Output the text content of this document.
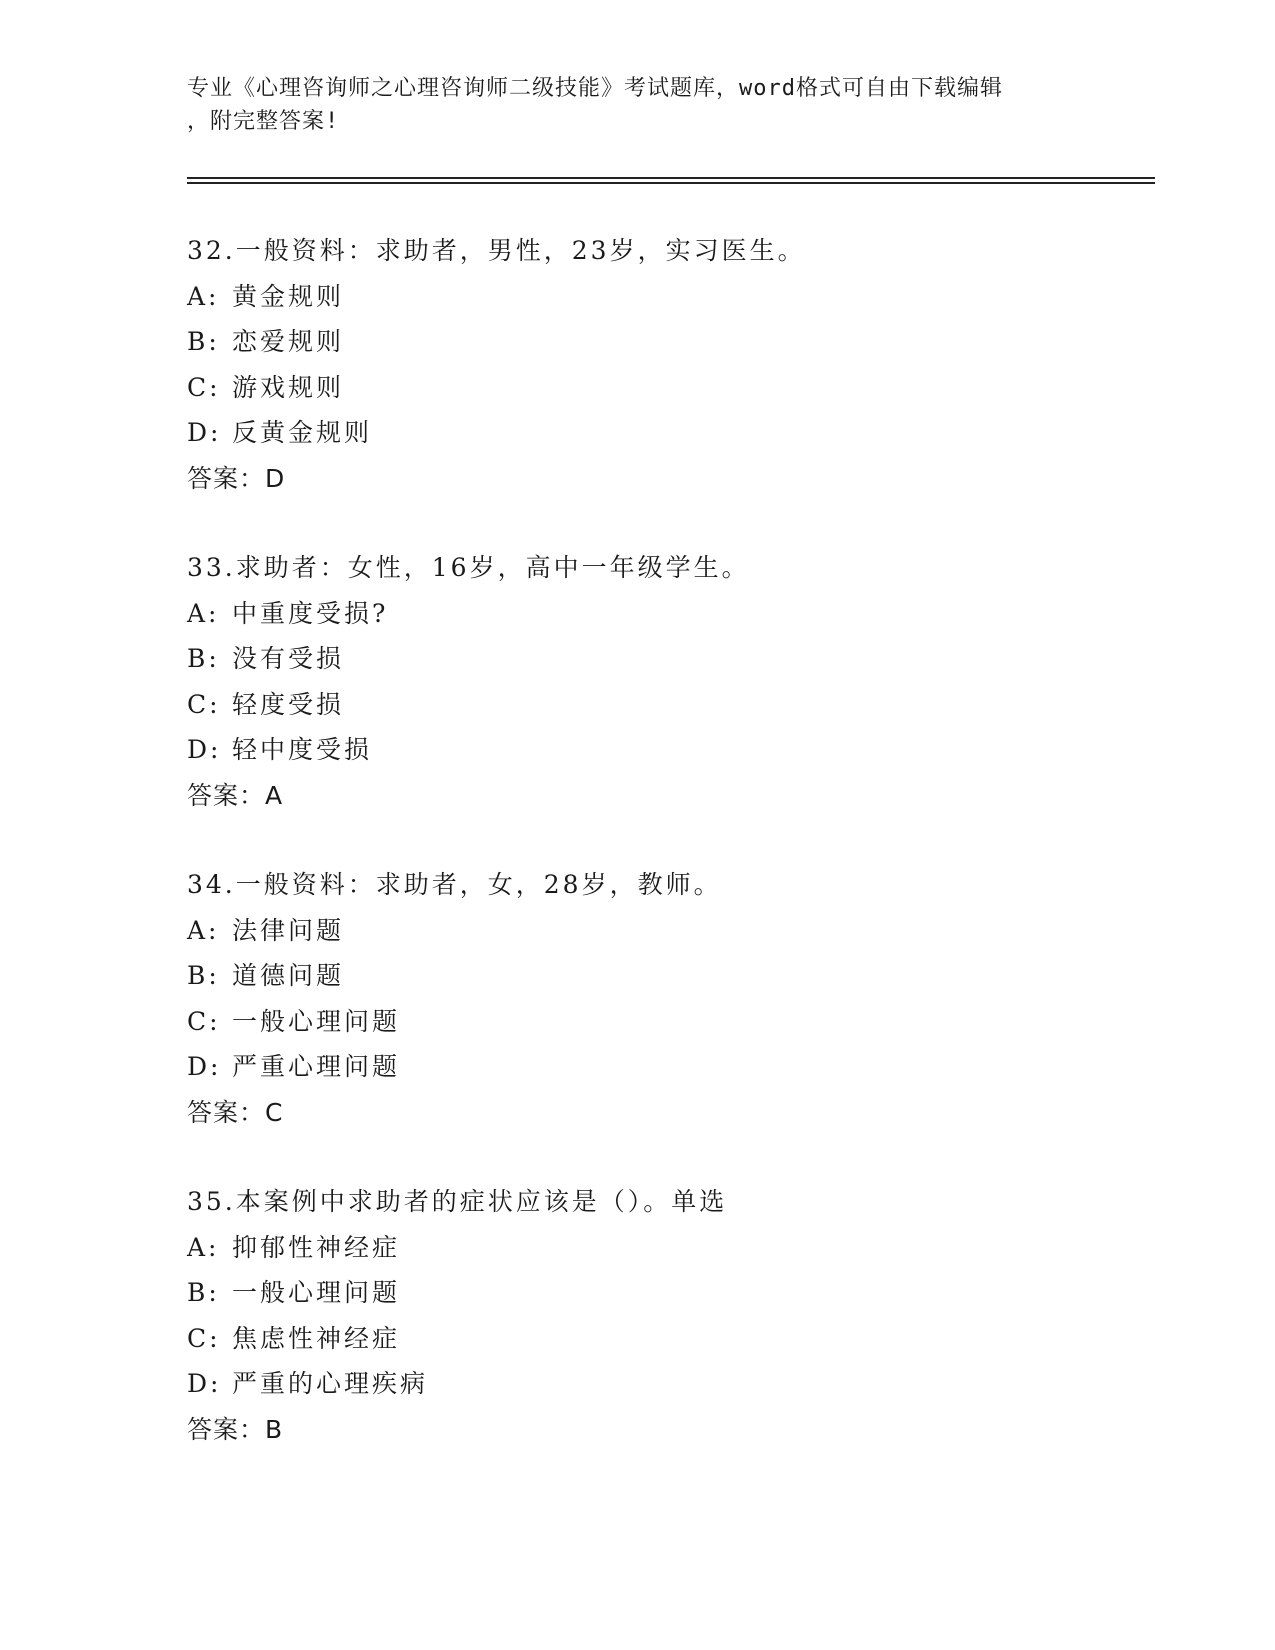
专业《心理咨询师之心理咨询师二级技能》考试题库，word格式可自由下载编辑
，附完整答案!
32.一般资料：求助者，男性，23岁，实习医生。
A: 黄金规则
B: 恋爱规则
C: 游戏规则
D: 反黄金规则
答案：D
33.求助者：女性，16岁，高中一年级学生。
A: 中重度受损?
B: 没有受损
C: 轻度受损
D: 轻中度受损
答案：A
34.一般资料：求助者，女，28岁，教师。
A: 法律问题
B: 道德问题
C: 一般心理问题
D: 严重心理问题
答案：C
35.本案例中求助者的症状应该是（）。单选
A: 抑郁性神经症
B: 一般心理问题
C: 焦虑性神经症
D: 严重的心理疾病
答案：B
